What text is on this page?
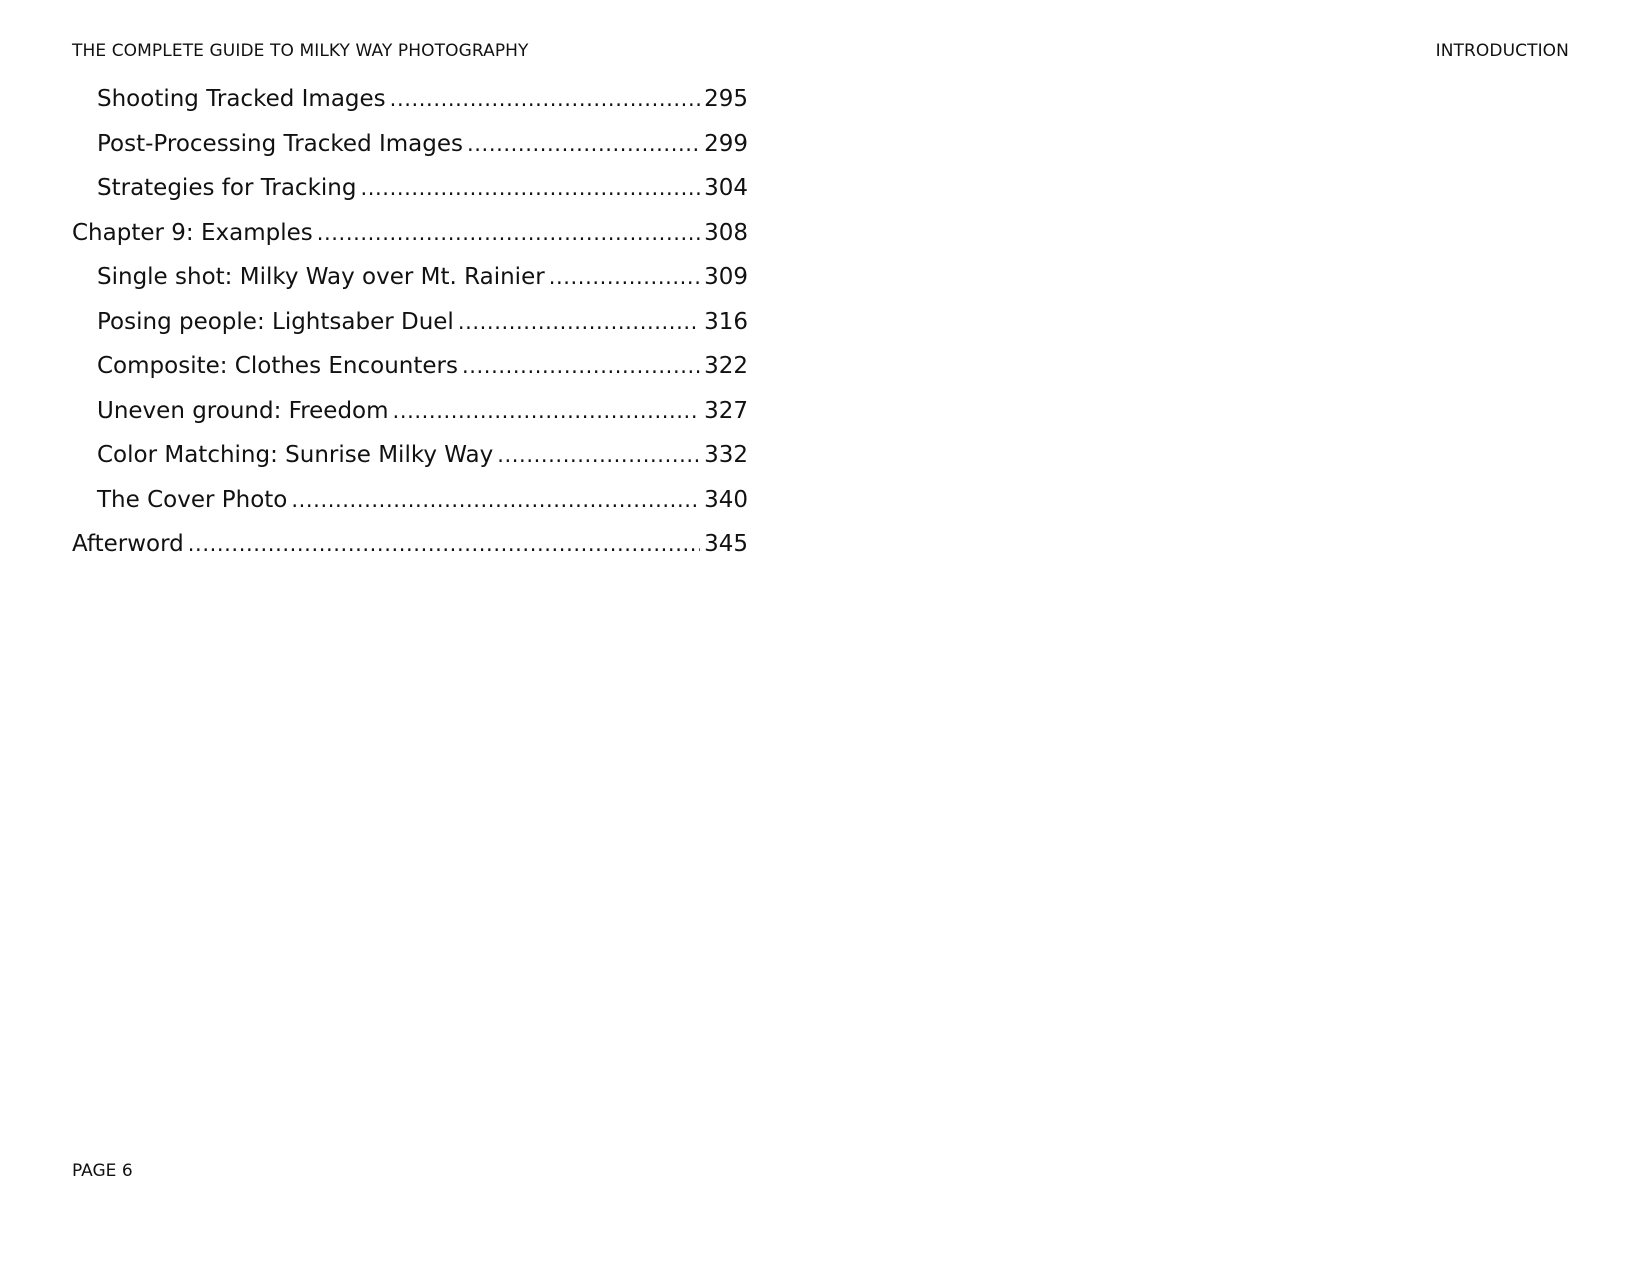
THE COMPLETE GUIDE TO MILKY WAY PHOTOGRAPHY	INTRODUCTION
Shooting Tracked Images .....	295
Post-Processing Tracked Images .....	299
Strategies for Tracking .....	304
Chapter 9: Examples .....	308
Single shot: Milky Way over Mt. Rainier .....	309
Posing people: Lightsaber Duel .....	316
Composite: Clothes Encounters .....	322
Uneven ground: Freedom .....	327
Color Matching: Sunrise Milky Way .....	332
The Cover Photo .....	340
Afterword .....	345
PAGE 6
